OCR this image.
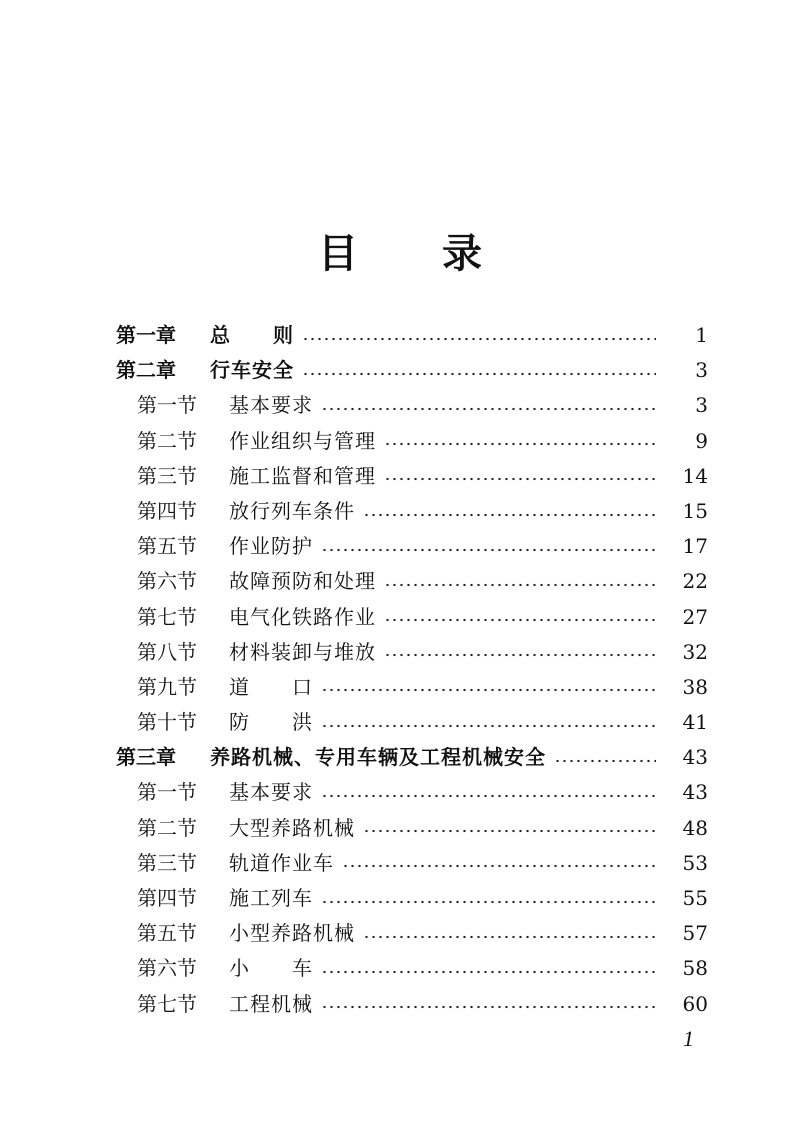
目 录
第一章	总　　则	1
第二章	行车安全	3
第一节	基本要求	3
第二节	作业组织与管理	9
第三节	施工监督和管理	14
第四节	放行列车条件	15
第五节	作业防护	17
第六节	故障预防和处理	22
第七节	电气化铁路作业	27
第八节	材料装卸与堆放	32
第九节	道　　口	38
第十节	防　　洪	41
第三章	养路机械、专用车辆及工程机械安全	43
第一节	基本要求	43
第二节	大型养路机械	48
第三节	轨道作业车	53
第四节	施工列车	55
第五节	小型养路机械	57
第六节	小　　车	58
第七节	工程机械	60
1
